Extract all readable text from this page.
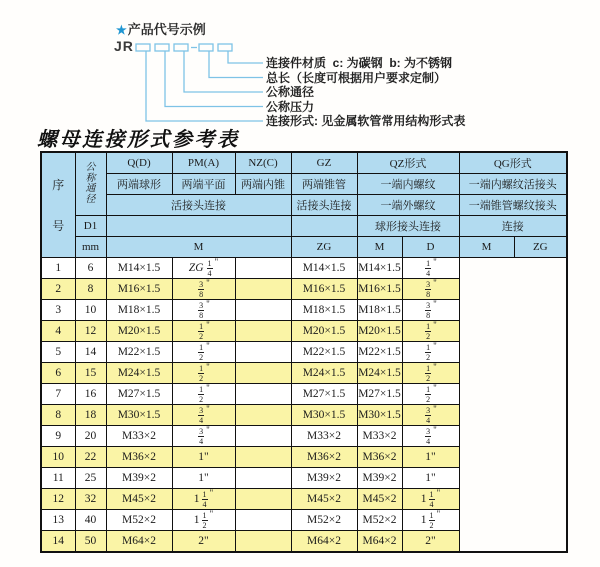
★产品代号示例
JR
连接件材质  c: 为碳钢  b: 为不锈钢
总长（长度可根据用户要求定制）
公称通径
公称压力
连接形式: 见金属软管常用结构形式表
螺母连接形式参考表
序
号	公
称
通
径	Q(D)	PM(A)	NZ(C)	GZ	QZ形式		QG形式	
		两端球形	两端平面	两端内锥	两端锥管	一端内螺纹		一端内螺纹活接头	
		活接头连接			活接头连接	一端外螺纹		一端锥管螺纹接头	
	D1					球形接头连接		连接	
	mm	M			ZG	M	D	M	ZG
1	6	M14×1.5	ZG $\frac{1}{4} ^"$		M14×1.5	M14×1.5	$\frac{1}{4} ^"$
2	8	M16×1.5	$\frac{3}{8} ^"$		M16×1.5	M16×1.5	$\frac{3}{8} ^"$
3	10	M18×1.5	$\frac{3}{8} ^"$		M18×1.5	M18×1.5	$\frac{3}{8} ^"$
4	12	M20×1.5	$\frac{1}{2} ^"$		M20×1.5	M20×1.5	$\frac{1}{2} ^"$
5	14	M22×1.5	$\frac{1}{2} ^"$		M22×1.5	M22×1.5	$\frac{1}{2} ^"$
6	15	M24×1.5	$\frac{1}{2} ^"$		M24×1.5	M24×1.5	$\frac{1}{2} ^"$
7	16	M27×1.5	$\frac{1}{2} ^"$		M27×1.5	M27×1.5	$\frac{1}{2} ^"$
8	18	M30×1.5	$\frac{3}{4} ^"$		M30×1.5	M30×1.5	$\frac{3}{4} ^"$
9	20	M33×2	$\frac{3}{4} ^"$		M33×2	M33×2	$\frac{3}{4} ^"$
10	22	M36×2	1"		M36×2	M36×2	1"		
11	25	M39×2	1"		M39×2	M39×2	1"		
12	32	M45×2	$1 \frac{1}{4} ^"$		M45×2	M45×2	$1 \frac{1}{4} ^"$
13	40	M52×2	$1 \frac{1}{2} ^"$		M52×2	M52×2	$1 \frac{1}{2} ^"$
14	50	M64×2	2"		M64×2	M64×2	2"		
